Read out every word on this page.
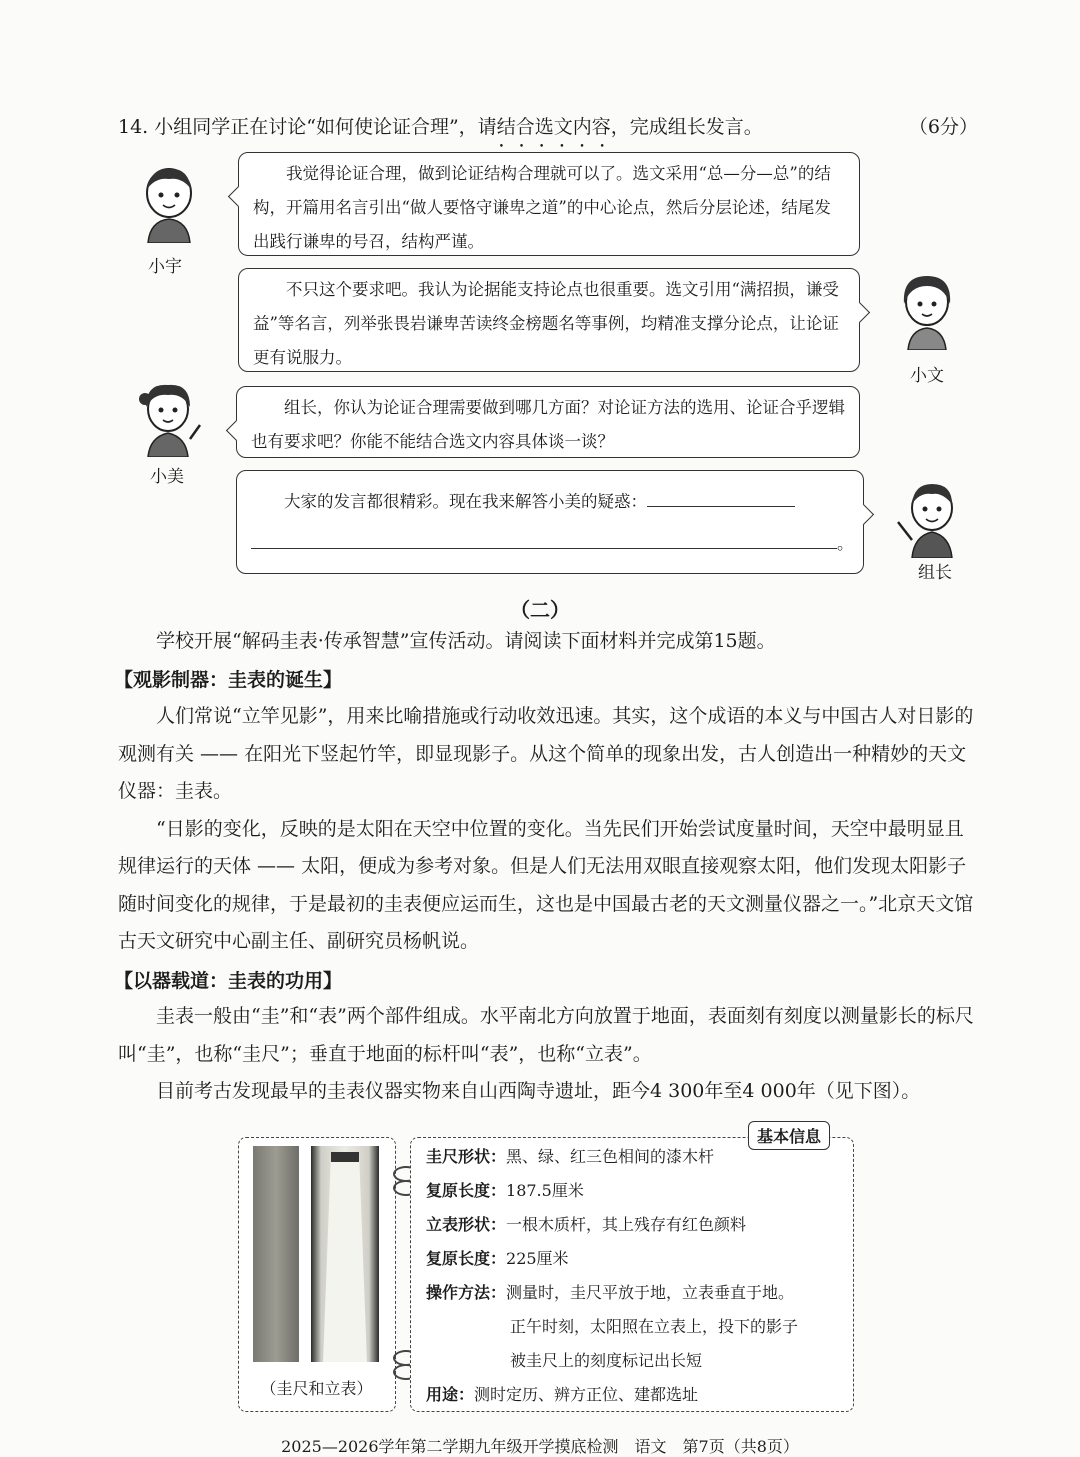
14. 小组同学正在讨论“如何使论证合理”，请结合选文内容 • • •，完成组长发言。	（6分）
小宇

我觉得论证合理，做到论证结构合理就可以了。选文采用“总—分—总”的结构，开篇用名言引出“做人要恪守谦卑之道”的中心论点，然后分层论述，结尾发出践行谦卑的号召，结构严谨。

不只这个要求吧。我认为论据能支持论点也很重要。选文引用“满招损，谦受益”等名言，列举张畏岩谦卑苦读终金榜题名等事例，均精准支撑分论点，让论证更有说服力。

小文
小美

组长，你认为论证合理需要做到哪几方面？对论证方法的选用、论证合乎逻辑也有要求吧？你能不能结合选文内容具体谈一谈？

大家的发言都很精彩。现在我来解答小美的疑惑：

。
组长
（二）

学校开展“解码圭表·传承智慧”宣传活动。请阅读下面材料并完成第15题。

【观影制器：圭表的诞生】

人们常说“立竿见影”，用来比喻措施或行动收效迅速。其实，这个成语的本义与中国古人对日影的观测有关 —— 在阳光下竖起竹竿，即显现影子。从这个简单的现象出发，古人创造出一种精妙的天文仪器：圭表。

“日影的变化，反映的是太阳在天空中位置的变化。当先民们开始尝试度量时间，天空中最明显且规律运行的天体 —— 太阳，便成为参考对象。但是人们无法用双眼直接观察太阳，他们发现太阳影子随时间变化的规律，于是最初的圭表便应运而生，这也是中国最古老的天文测量仪器之一。”北京天文馆古天文研究中心副主任、副研究员杨帆说。

【以器载道：圭表的功用】

圭表一般由“圭”和“表”两个部件组成。水平南北方向放置于地面，表面刻有刻度以测量影长的标尺叫“圭”，也称“圭尺”；垂直于地面的标杆叫“表”，也称“立表”。

目前考古发现最早的圭表仪器实物来自山西陶寺遗址，距今4 300年至4 000年（见下图）。

（圭尺和立表）
基本信息
圭尺形状：黑、绿、红三色相间的漆木杆
复原长度：187.5厘米
立表形状：一根木质杆，其上残存有红色颜料
复原长度：225厘米
操作方法：测量时，圭尺平放于地，立表垂直于地。
正午时刻，太阳照在立表上，投下的影子
被圭尺上的刻度标记出长短
用途：测时定历、辨方正位、建都选址
2025—2026学年第二学期九年级开学摸底检测　语文　第7页（共8页）
